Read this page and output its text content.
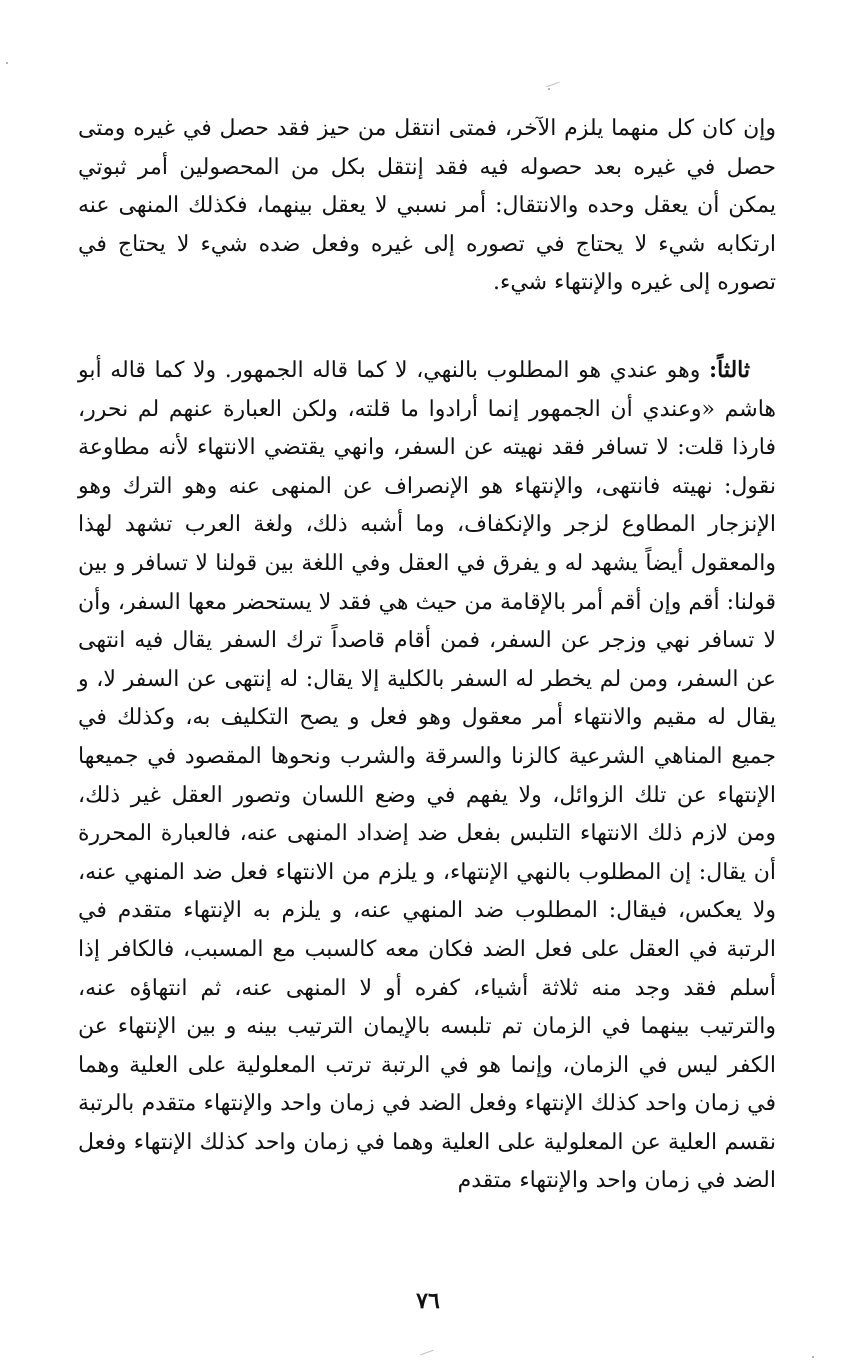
وإن كان كل منهما يلزم الآخر، فمتى انتقل من حيز فقد حصل في غيره ومتى حصل في غيره بعد حصوله فيه فقد إنتقل بكل من المحصولين أمر ثبوتي يمكن أن يعقل وحده والانتقال: أمر نسبي لا يعقل بينهما، فكذلك المنهى عنه ارتكابه شيء لا يحتاج في تصوره إلى غيره وفعل ضده شيء لا يحتاج في تصوره إلى غيره والإنتهاء شيء.

ثالثاً: وهو عندي هو المطلوب بالنهي، لا كما قاله الجمهور. ولا كما قاله أبو هاشم «وعندي أن الجمهور إنما أرادوا ما قلته، ولكن العبارة عنهم لم نحرر، فارذا قلت: لا تسافر فقد نهيته عن السفر، وانهي يقتضي الانتهاء لأنه مطاوعة نقول: نهيته فانتهى، والإنتهاء هو الإنصراف عن المنهى عنه وهو الترك وهو الإنزجار المطاوع لزجر والإنكفاف، وما أشبه ذلك، ولغة العرب تشهد لهذا والمعقول أيضاً يشهد له و يفرق في العقل وفي اللغة بين قولنا لا تسافر و بين قولنا: أقم وإن أقم أمر بالإقامة من حيث هي فقد لا يستحضر معها السفر، وأن لا تسافر نهي وزجر عن السفر، فمن أقام قاصداً ترك السفر يقال فيه انتهى عن السفر، ومن لم يخطر له السفر بالكلية إلا يقال: له إنتهى عن السفر لا، و يقال له مقيم والانتهاء أمر معقول وهو فعل و يصح التكليف به، وكذلك في جميع المناهي الشرعية كالزنا والسرقة والشرب ونحوها المقصود في جميعها الإنتهاء عن تلك الزوائل، ولا يفهم في وضع اللسان وتصور العقل غير ذلك، ومن لازم ذلك الانتهاء التلبس بفعل ضد إضداد المنهى عنه، فالعبارة المحررة أن يقال: إن المطلوب بالنهي الإنتهاء، و يلزم من الانتهاء فعل ضد المنهي عنه، ولا يعكس، فيقال: المطلوب ضد المنهي عنه، و يلزم به الإنتهاء متقدم في الرتبة في العقل على فعل الضد فكان معه كالسبب مع المسبب، فالكافر إذا أسلم فقد وجد منه ثلاثة أشياء، كفره أو لا المنهى عنه، ثم انتهاؤه عنه، والترتيب بينهما في الزمان تم تلبسه بالإيمان الترتيب بينه و بين الإنتهاء عن الكفر ليس في الزمان، وإنما هو في الرتبة ترتب المعلولية على العلية وهما في زمان واحد كذلك الإنتهاء وفعل الضد في زمان واحد والإنتهاء متقدم بالرتبة نقسم العلية عن المعلولية على العلية وهما في زمان واحد كذلك الإنتهاء وفعل الضد في زمان واحد والإنتهاء متقدم

٧٦
